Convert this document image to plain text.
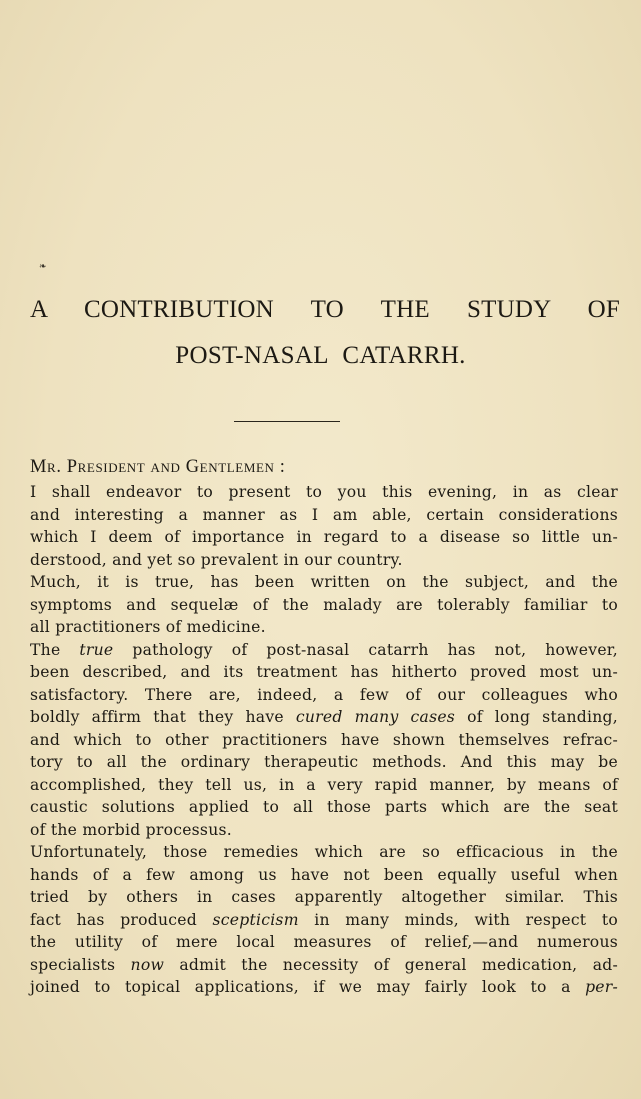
❧
A CONTRIBUTION TO THE STUDY OF
POST-NASAL CATARRH.
Mr. President and Gentlemen :
I shall endeavor to present to you this evening, in as clear
and interesting a manner as I am able, certain considerations
which I deem of importance in regard to a disease so little un-
derstood, and yet so prevalent in our country.
Much, it is true, has been written on the subject, and the
symptoms and sequelæ of the malady are tolerably familiar to
all practitioners of medicine.
The true pathology of post-nasal catarrh has not, however,
been described, and its treatment has hitherto proved most un-
satisfactory. There are, indeed, a few of our colleagues who
boldly affirm that they have cured many cases of long standing,
and which to other practitioners have shown themselves refrac-
tory to all the ordinary therapeutic methods. And this may be
accomplished, they tell us, in a very rapid manner, by means of
caustic solutions applied to all those parts which are the seat
of the morbid processus.
Unfortunately, those remedies which are so efficacious in the
hands of a few among us have not been equally useful when
tried by others in cases apparently altogether similar. This
fact has produced scepticism in many minds, with respect to
the utility of mere local measures of relief,—and numerous
specialists now admit the necessity of general medication, ad-
joined to topical applications, if we may fairly look to a per-
